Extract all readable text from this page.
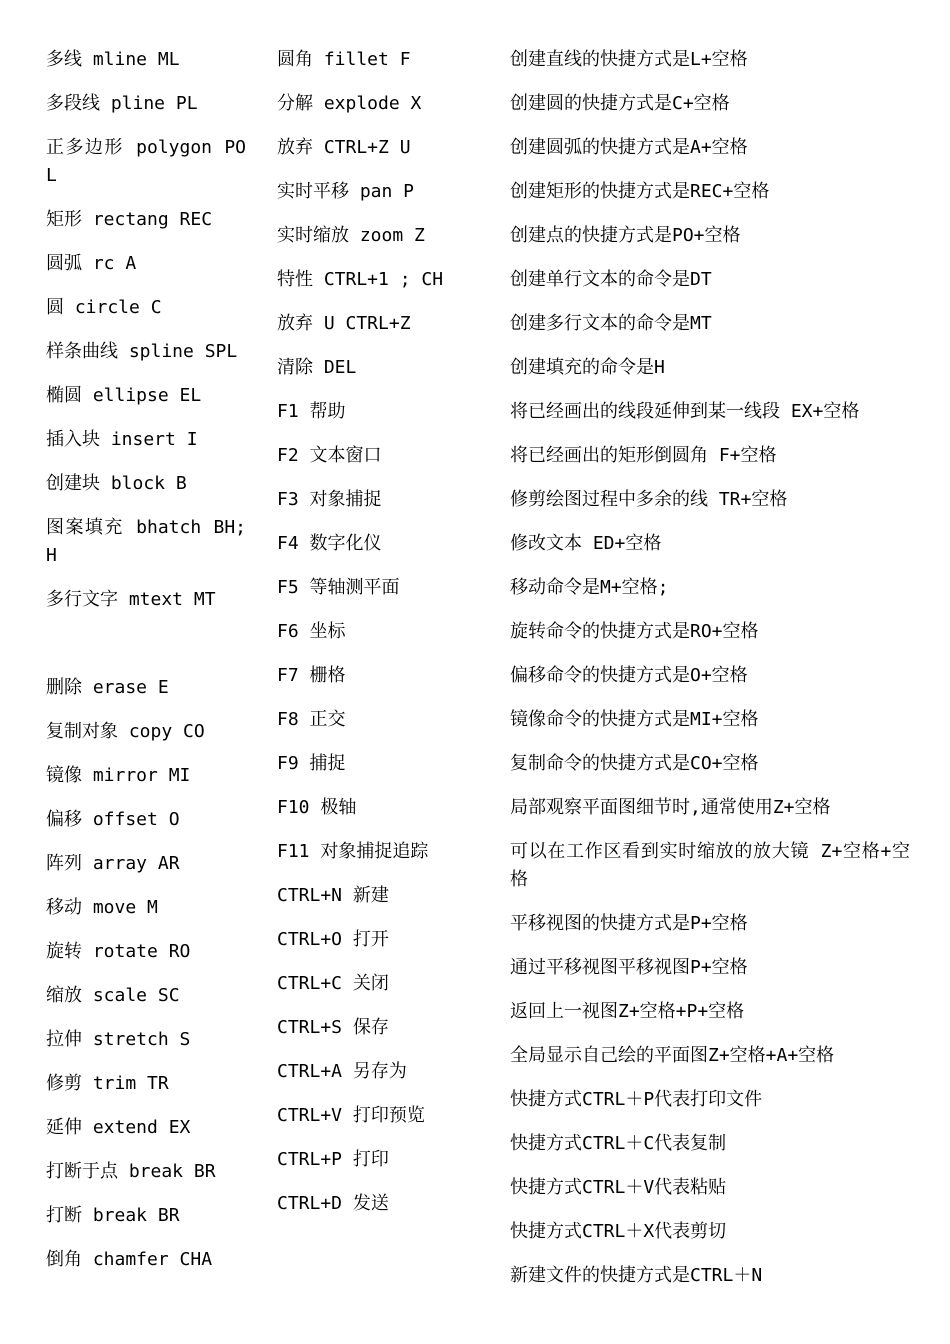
多线 mline ML
多段线 pline PL
正多边形 polygon POL
矩形 rectang REC
圆弧 rc A
圆 circle C
样条曲线 spline SPL
椭圆 ellipse EL
插入块 insert I
创建块 block B
图案填充 bhatch BH; H
多行文字 mtext MT
删除 erase E
复制对象 copy CO
镜像 mirror MI
偏移 offset O
阵列 array AR
移动 move M
旋转 rotate RO
缩放 scale SC
拉伸 stretch S
修剪 trim TR
延伸 extend EX
打断于点 break BR
打断 break BR
倒角 chamfer CHA
圆角 fillet F
分解 explode X
放弃 CTRL+Z U
实时平移 pan P
实时缩放 zoom Z
特性 CTRL+1 ; CH
放弃 U CTRL+Z
清除 DEL
F1 帮助
F2 文本窗口
F3 对象捕捉
F4 数字化仪
F5 等轴测平面
F6 坐标
F7 栅格
F8 正交
F9 捕捉
F10 极轴
F11 对象捕捉追踪
CTRL+N 新建
CTRL+O 打开
CTRL+C 关闭
CTRL+S 保存
CTRL+A 另存为
CTRL+V 打印预览
CTRL+P 打印
CTRL+D 发送
创建直线的快捷方式是L+空格
创建圆的快捷方式是C+空格
创建圆弧的快捷方式是A+空格
创建矩形的快捷方式是REC+空格
创建点的快捷方式是PO+空格
创建单行文本的命令是DT
创建多行文本的命令是MT
创建填充的命令是H
将已经画出的线段延伸到某一线段 EX+空格
将已经画出的矩形倒圆角 F+空格
修剪绘图过程中多余的线 TR+空格
修改文本 ED+空格
移动命令是M+空格;
旋转命令的快捷方式是RO+空格
偏移命令的快捷方式是O+空格
镜像命令的快捷方式是MI+空格
复制命令的快捷方式是CO+空格
局部观察平面图细节时,通常使用Z+空格
可以在工作区看到实时缩放的放大镜 Z+空格+空格
平移视图的快捷方式是P+空格
通过平移视图平移视图P+空格
返回上一视图Z+空格+P+空格
全局显示自己绘的平面图Z+空格+A+空格
快捷方式CTRL＋P代表打印文件
快捷方式CTRL＋C代表复制
快捷方式CTRL＋V代表粘贴
快捷方式CTRL＋X代表剪切
新建文件的快捷方式是CTRL＋N
